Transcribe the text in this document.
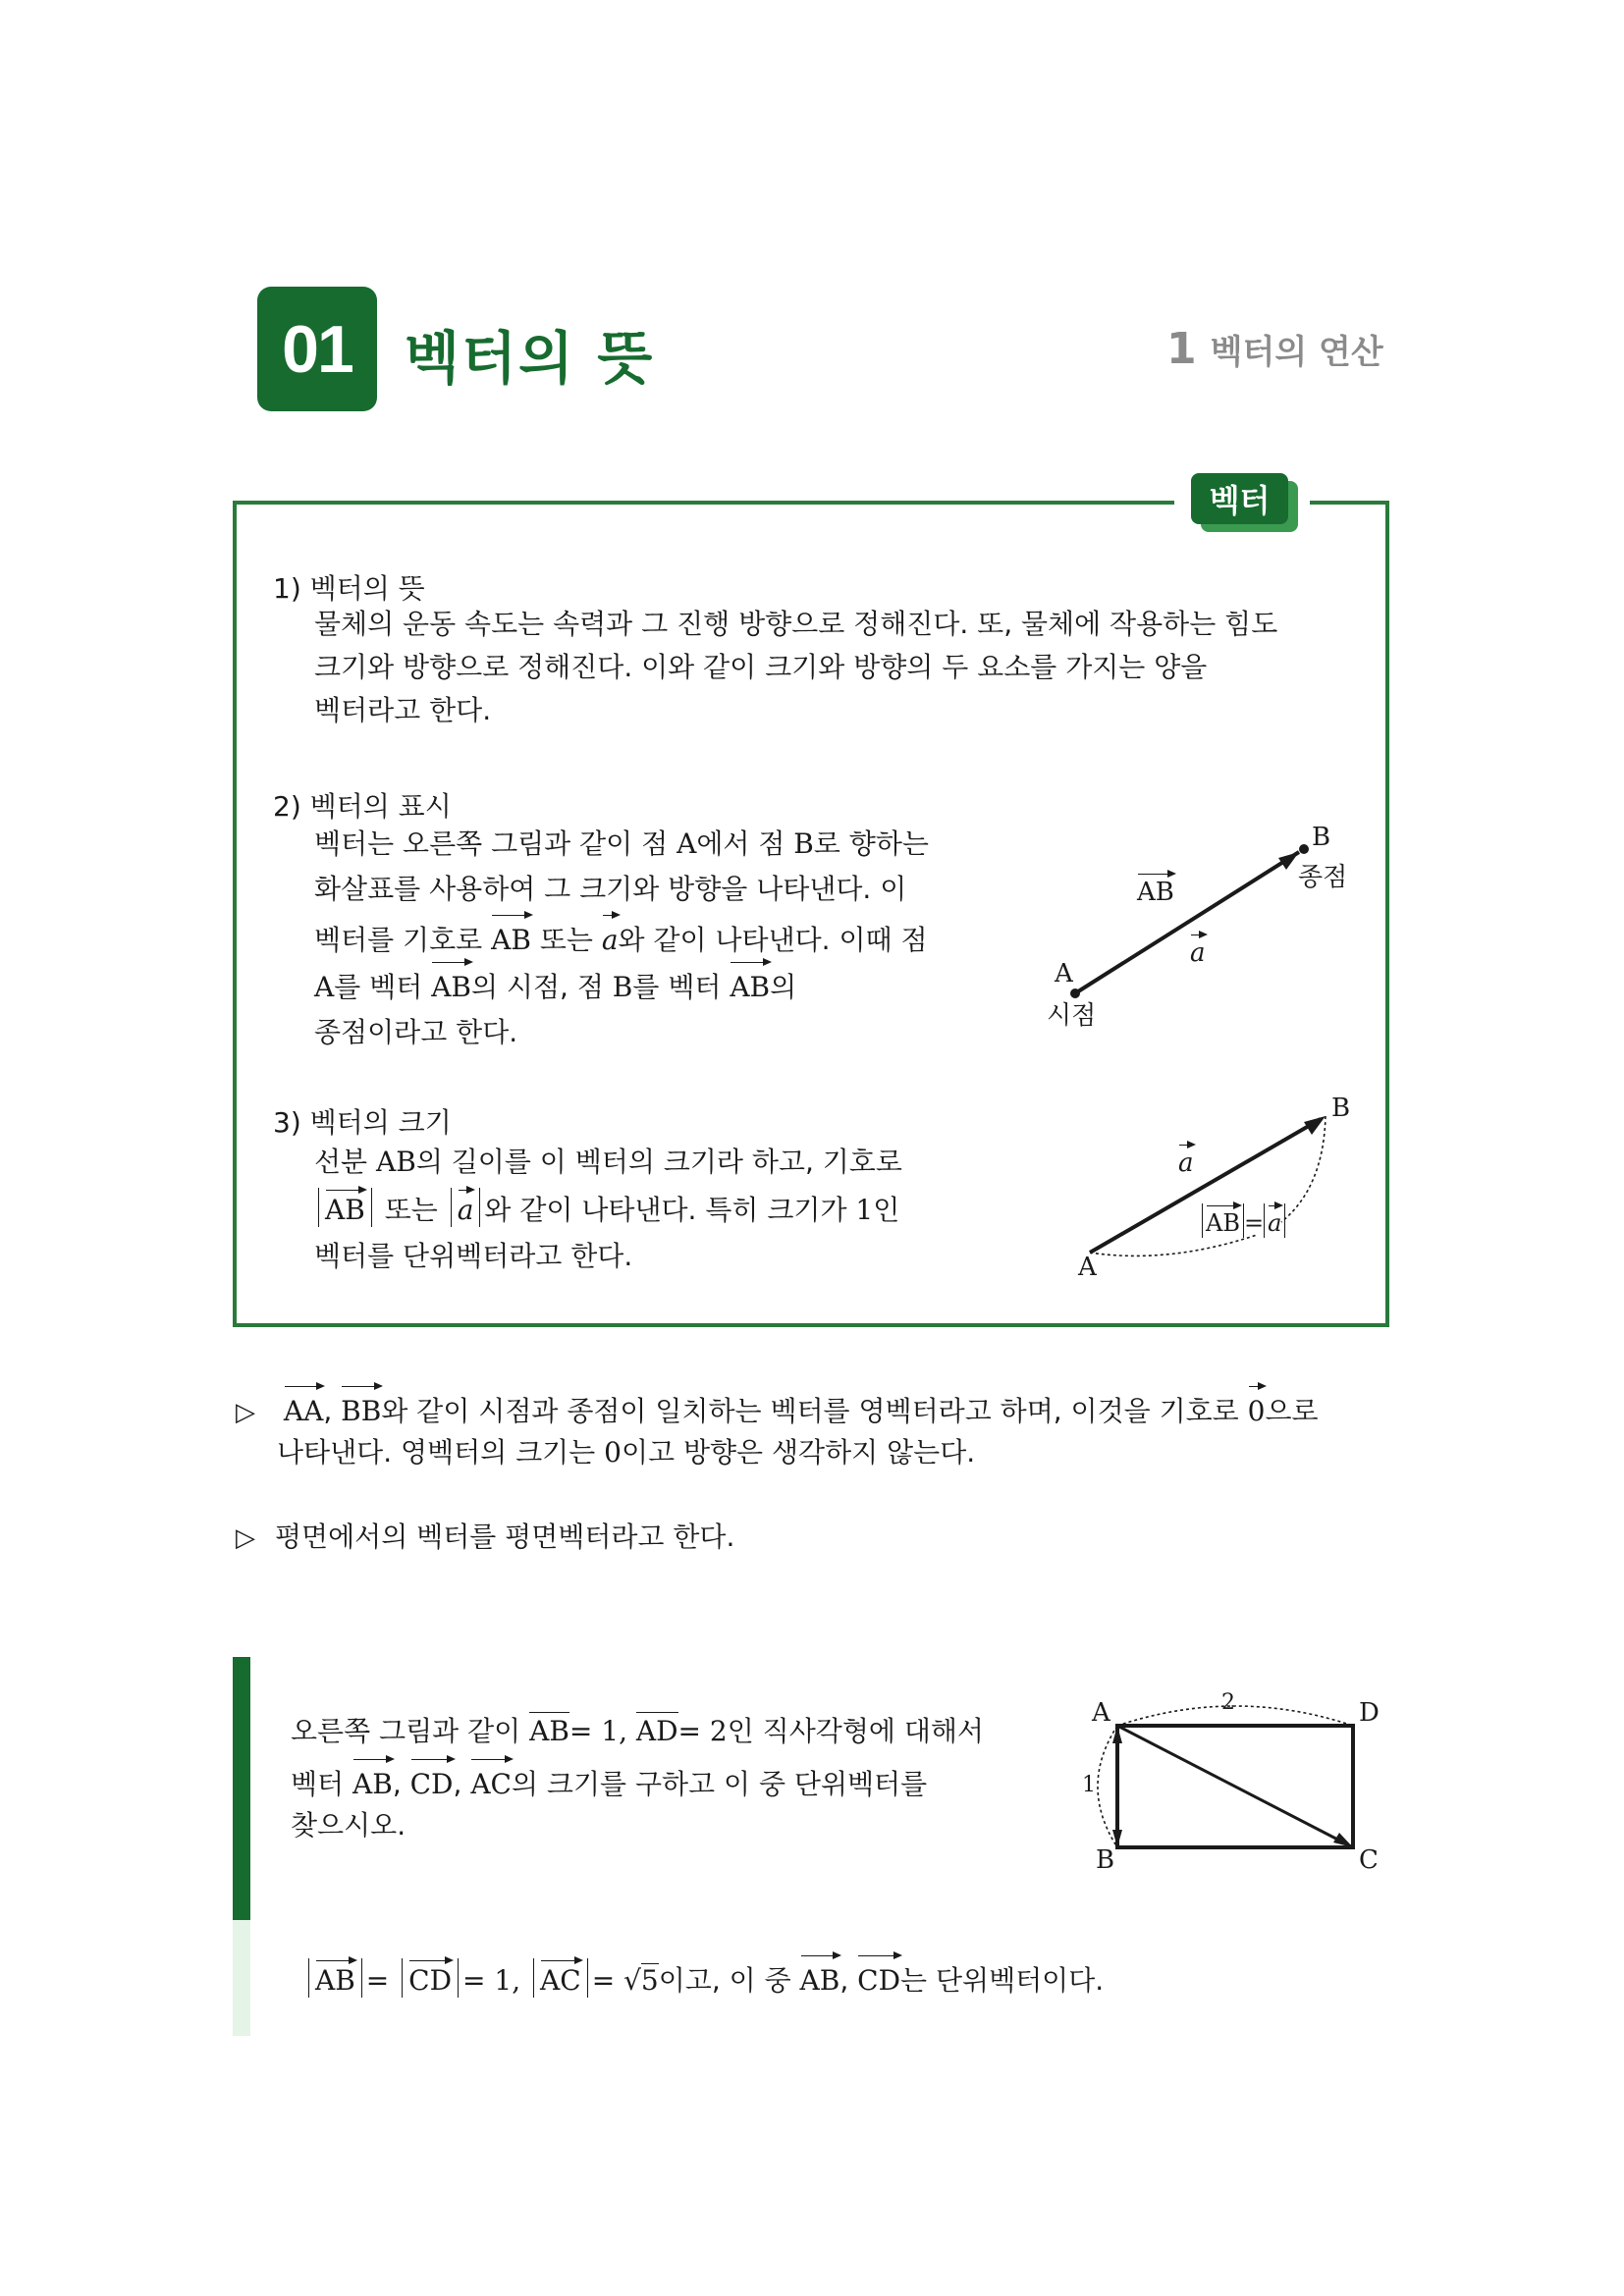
01 벡터의 뜻	1 벡터의 연산
벡터
1) 벡터의 뜻
물체의 운동 속도는 속력과 그 진행 방향으로 정해진다. 또, 물체에 작용하는 힘도
크기와 방향으로 정해진다. 이와 같이 크기와 방향의 두 요소를 가지는 양을
벡터라고 한다.
2) 벡터의 표시
벡터는 오른쪽 그림과 같이 점 A에서 점 B로 향하는
화살표를 사용하여 그 크기와 방향을 나타낸다. 이
벡터를 기호로 AB 또는 a와 같이 나타낸다. 이때 점
A를 벡터 AB의 시점, 점 B를 벡터 AB의
종점이라고 한다.
A
시점
B
종점
AB
a
3) 벡터의 크기
선분 AB의 길이를 이 벡터의 크기라 하고, 기호로
AB 또는 a 와 같이 나타낸다. 특히 크기가 1인
벡터를 단위벡터라고 한다.	A
B
a
AB = a
▷ AA, BB와 같이 시점과 종점이 일치하는 벡터를 영벡터라고 하며, 이것을 기호로 0으로
나타낸다. 영벡터의 크기는 0이고 방향은 생각하지 않는다.
▷ 평면에서의 벡터를 평면벡터라고 한다.
오른쪽 그림과 같이 AB= 1, AD= 2인 직사각형에 대해서
벡터 AB, CD, AC의 크기를 구하고 이 중 단위벡터를
찾으시오.
A	D
B	C
2
1
AB = CD = 1, AC = √5이고, 이 중 AB, CD는 단위벡터이다.
